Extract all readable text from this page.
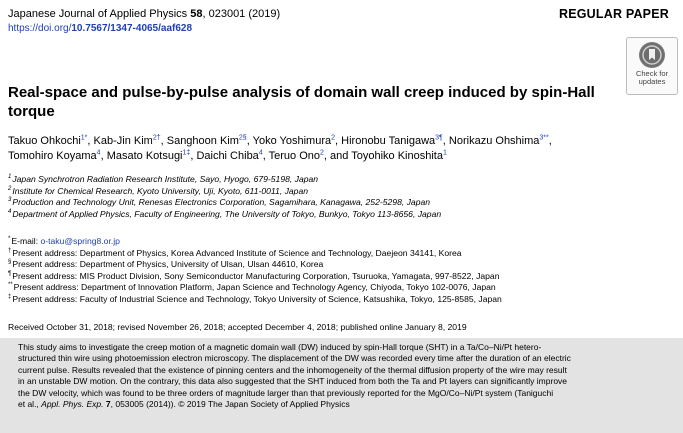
Japanese Journal of Applied Physics 58, 023001 (2019)	REGULAR PAPER
https://doi.org/10.7567/1347-4065/aaf628
Check for
updates
Real-space and pulse-by-pulse analysis of domain wall creep induced by spin-Hall
torque
Takuo Ohkochi$^{1*}$, Kab-Jin Kim$^{2\dagger}$, Sanghoon Kim$^{2\S}$, Yoko Yoshimura$^2$, Hironobu Tanigawa$^{3\P}$, Norikazu Ohshima$^{3**}$,
Tomohiro Koyama$^4$, Masato Kotsugi$^{1\ddagger}$, Daichi Chiba$^4$, Teruo Ono$^2$, and Toyohiko Kinoshita$^1$
$^1$Japan Synchrotron Radiation Research Institute, Sayo, Hyogo, 679-5198, Japan
$^2$Institute for Chemical Research, Kyoto University, Uji, Kyoto, 611-0011, Japan
$^3$Production and Technology Unit, Renesas Electronics Corporation, Sagamihara, Kanagawa, 252-5298, Japan
$^4$Department of Applied Physics, Faculty of Engineering, The University of Tokyo, Bunkyo, Tokyo 113-8656, Japan
*E-mail: o-taku@spring8.or.jp
†Present address: Department of Physics, Korea Advanced Institute of Science and Technology, Daejeon 34141, Korea
§Present address: Department of Physics, University of Ulsan, Ulsan 44610, Korea
¶Present address: MIS Product Division, Sony Semiconductor Manufacturing Corporation, Tsuruoka, Yamagata, 997-8522, Japan
**Present address: Department of Innovation Platform, Japan Science and Technology Agency, Chiyoda, Tokyo 102-0076, Japan
‡Present address: Faculty of Industrial Science and Technology, Tokyo University of Science, Katsushika, Tokyo, 125-8585, Japan
Received October 31, 2018; revised November 26, 2018; accepted December 4, 2018; published online January 8, 2019
This study aims to investigate the creep motion of a magnetic domain wall (DW) induced by spin-Hall torque (SHT) in a Ta/Co–Ni/Pt hetero-
structured thin wire using photoemission electron microscopy. The displacement of the DW was recorded every time after the duration of an electric
current pulse. Results revealed that the existence of pinning centers and the inhomogeneity of the thermal diffusion property of the wire may result
in an unstable DW motion. On the contrary, this data also suggested that the SHT induced from both the Ta and Pt layers can significantly improve
the DW velocity, which was found to be three orders of magnitude larger than that previously reported for the MgO/Co–Ni/Pt system (Taniguchi
et al., Appl. Phys. Exp. 7, 053005 (2014)). © 2019 The Japan Society of Applied Physics
